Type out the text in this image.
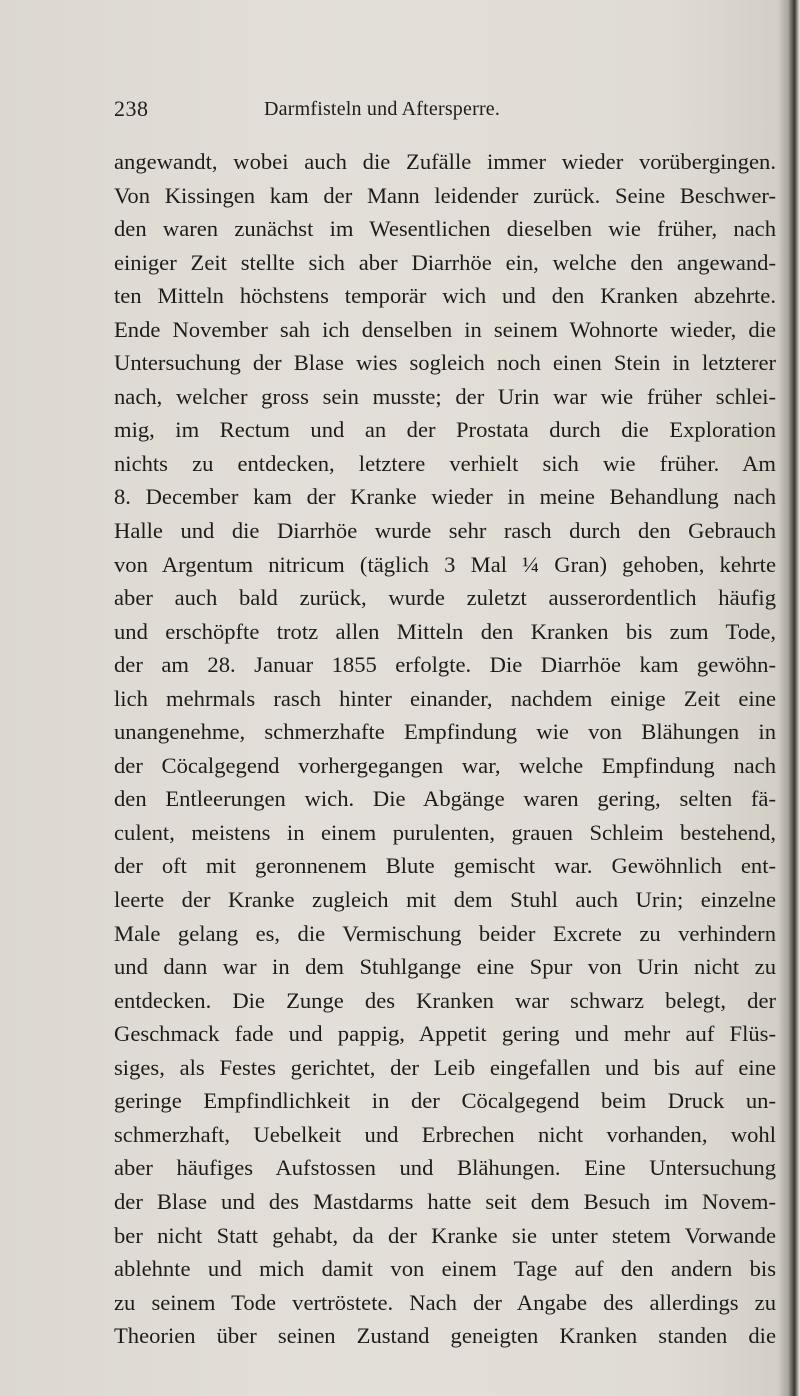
238	Darmfisteln und Aftersperre.
angewandt, wobei auch die Zufälle immer wieder vorübergingen.
Von Kissingen kam der Mann leidender zurück. Seine Beschwer-
den waren zunächst im Wesentlichen dieselben wie früher, nach
einiger Zeit stellte sich aber Diarrhöe ein, welche den angewand-
ten Mitteln höchstens temporär wich und den Kranken abzehrte.
Ende November sah ich denselben in seinem Wohnorte wieder, die
Untersuchung der Blase wies sogleich noch einen Stein in letzterer
nach, welcher gross sein musste; der Urin war wie früher schlei-
mig, im Rectum und an der Prostata durch die Exploration
nichts zu entdecken, letztere verhielt sich wie früher. Am
8. December kam der Kranke wieder in meine Behandlung nach
Halle und die Diarrhöe wurde sehr rasch durch den Gebrauch
von Argentum nitricum (täglich 3 Mal ¼ Gran) gehoben, kehrte
aber auch bald zurück, wurde zuletzt ausserordentlich häufig
und erschöpfte trotz allen Mitteln den Kranken bis zum Tode,
der am 28. Januar 1855 erfolgte. Die Diarrhöe kam gewöhn-
lich mehrmals rasch hinter einander, nachdem einige Zeit eine
unangenehme, schmerzhafte Empfindung wie von Blähungen in
der Cöcalgegend vorhergegangen war, welche Empfindung nach
den Entleerungen wich. Die Abgänge waren gering, selten fä-
culent, meistens in einem purulenten, grauen Schleim bestehend,
der oft mit geronnenem Blute gemischt war. Gewöhnlich ent-
leerte der Kranke zugleich mit dem Stuhl auch Urin; einzelne
Male gelang es, die Vermischung beider Excrete zu verhindern
und dann war in dem Stuhlgange eine Spur von Urin nicht zu
entdecken. Die Zunge des Kranken war schwarz belegt, der
Geschmack fade und pappig, Appetit gering und mehr auf Flüs-
siges, als Festes gerichtet, der Leib eingefallen und bis auf eine
geringe Empfindlichkeit in der Cöcalgegend beim Druck un-
schmerzhaft, Uebelkeit und Erbrechen nicht vorhanden, wohl
aber häufiges Aufstossen und Blähungen. Eine Untersuchung
der Blase und des Mastdarms hatte seit dem Besuch im Novem-
ber nicht Statt gehabt, da der Kranke sie unter stetem Vorwande
ablehnte und mich damit von einem Tage auf den andern bis
zu seinem Tode vertröstete. Nach der Angabe des allerdings zu
Theorien über seinen Zustand geneigten Kranken standen die
